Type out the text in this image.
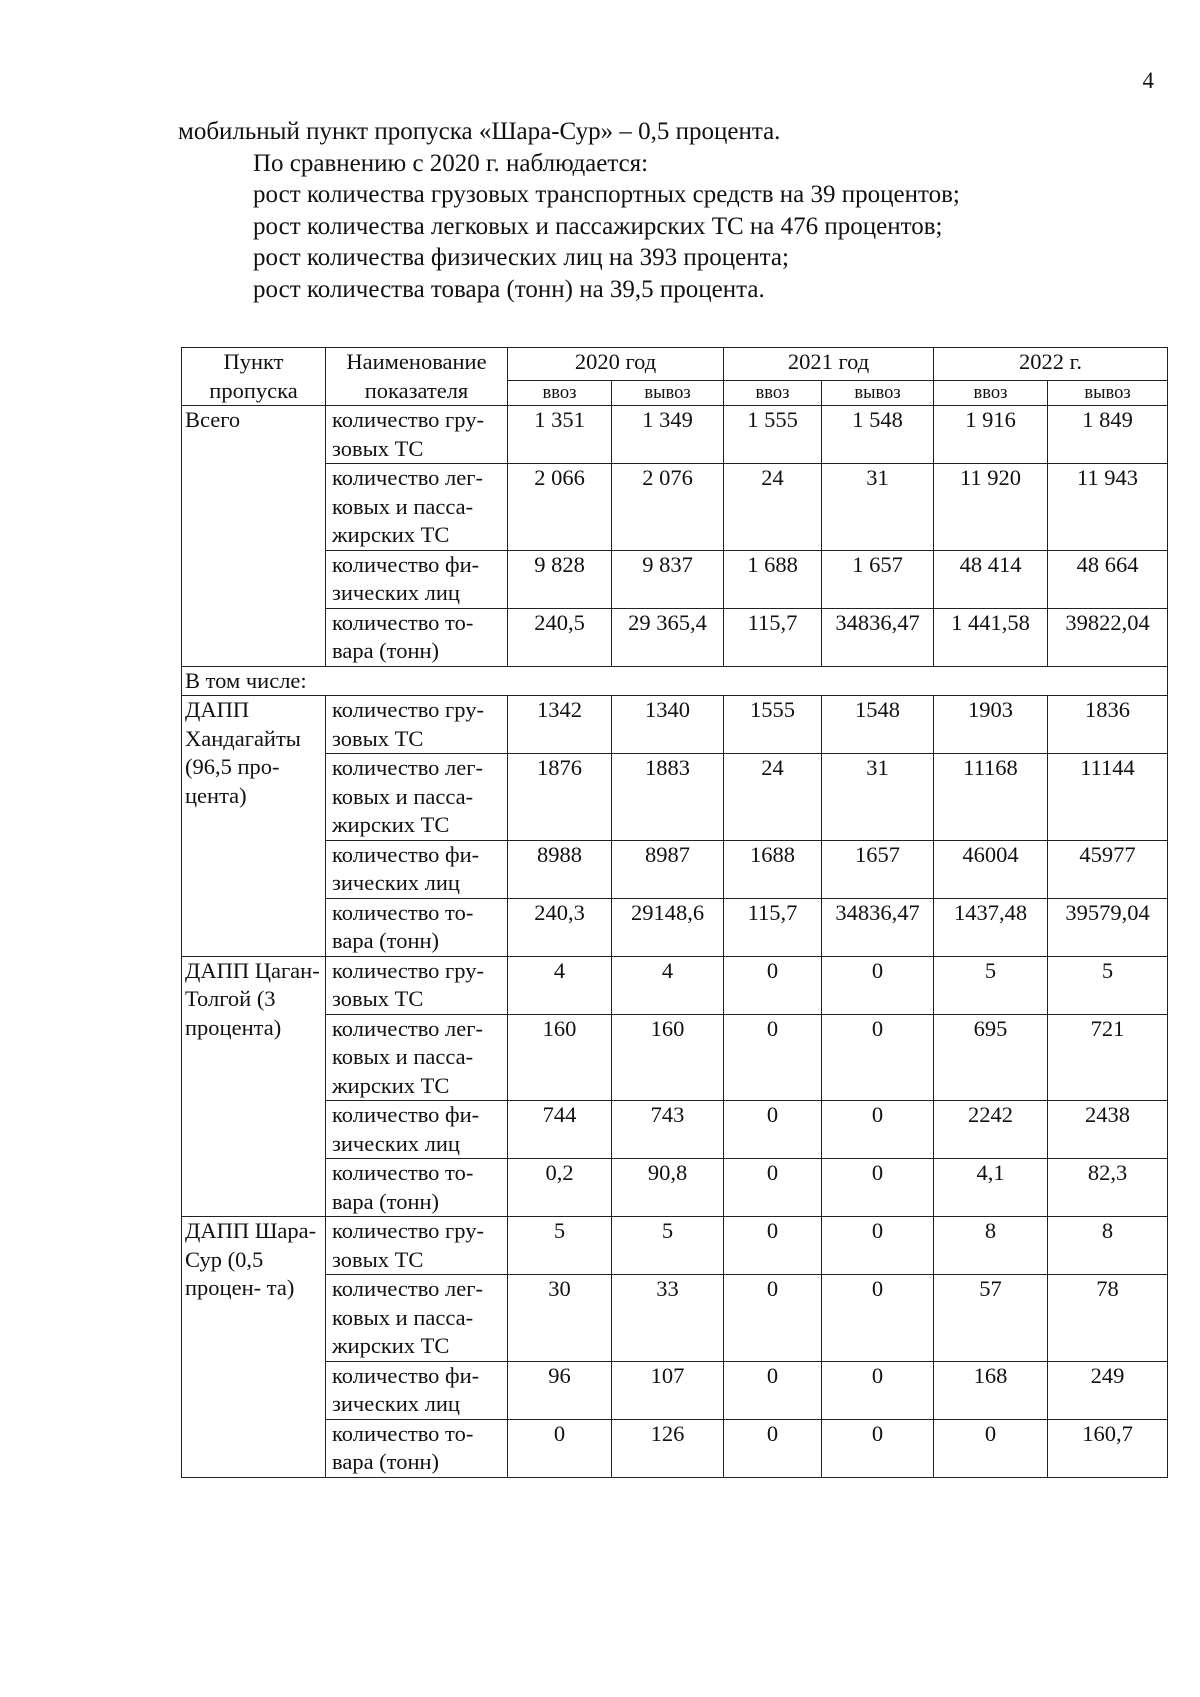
4
мобильный пункт пропуска «Шара-Сур» – 0,5 процента.
По сравнению с 2020 г. наблюдается:
рост количества грузовых транспортных средств на 39 процентов;
рост количества легковых и пассажирских ТС на 476 процентов;
рост количества физических лиц на 393 процента;
рост количества товара (тонн) на 39,5 процента.
Пункт пропуска	Наименование показателя	2020 год		2021 год		2022 г.	
		ввоз	вывоз	ввоз	вывоз	ввоз	вывоз
Всего	количество гру- зовых ТС	1 351	1 349	1 555	1 548	1 916	1 849
	количество лег- ковых и пасса- жирских ТС	2 066	2 076	24	31	11 920	11 943
	количество фи- зических лиц	9 828	9 837	1 688	1 657	48 414	48 664
	количество то- вара (тонн)	240,5	29 365,4	115,7	34836,47	1 441,58	39822,04
В том числе:							
ДАПП Хандагайты (96,5 про- цента)	количество гру- зовых ТС	1342	1340	1555	1548	1903	1836
	количество лег- ковых и пасса- жирских ТС	1876	1883	24	31	11168	11144
	количество фи- зических лиц	8988	8987	1688	1657	46004	45977
	количество то- вара (тонн)	240,3	29148,6	115,7	34836,47	1437,48	39579,04
ДАПП Цаган- Толгой (3 процента)	количество гру- зовых ТС	4	4	0	0	5	5
	количество лег- ковых и пасса- жирских ТС	160	160	0	0	695	721
	количество фи- зических лиц	744	743	0	0	2242	2438
	количество то- вара (тонн)	0,2	90,8	0	0	4,1	82,3
ДАПП Шара-Сур (0,5 процен- та)	количество гру- зовых ТС	5	5	0	0	8	8
	количество лег- ковых и пасса- жирских ТС	30	33	0	0	57	78
	количество фи- зических лиц	96	107	0	0	168	249
	количество то- вара (тонн)	0	126	0	0	0	160,7
